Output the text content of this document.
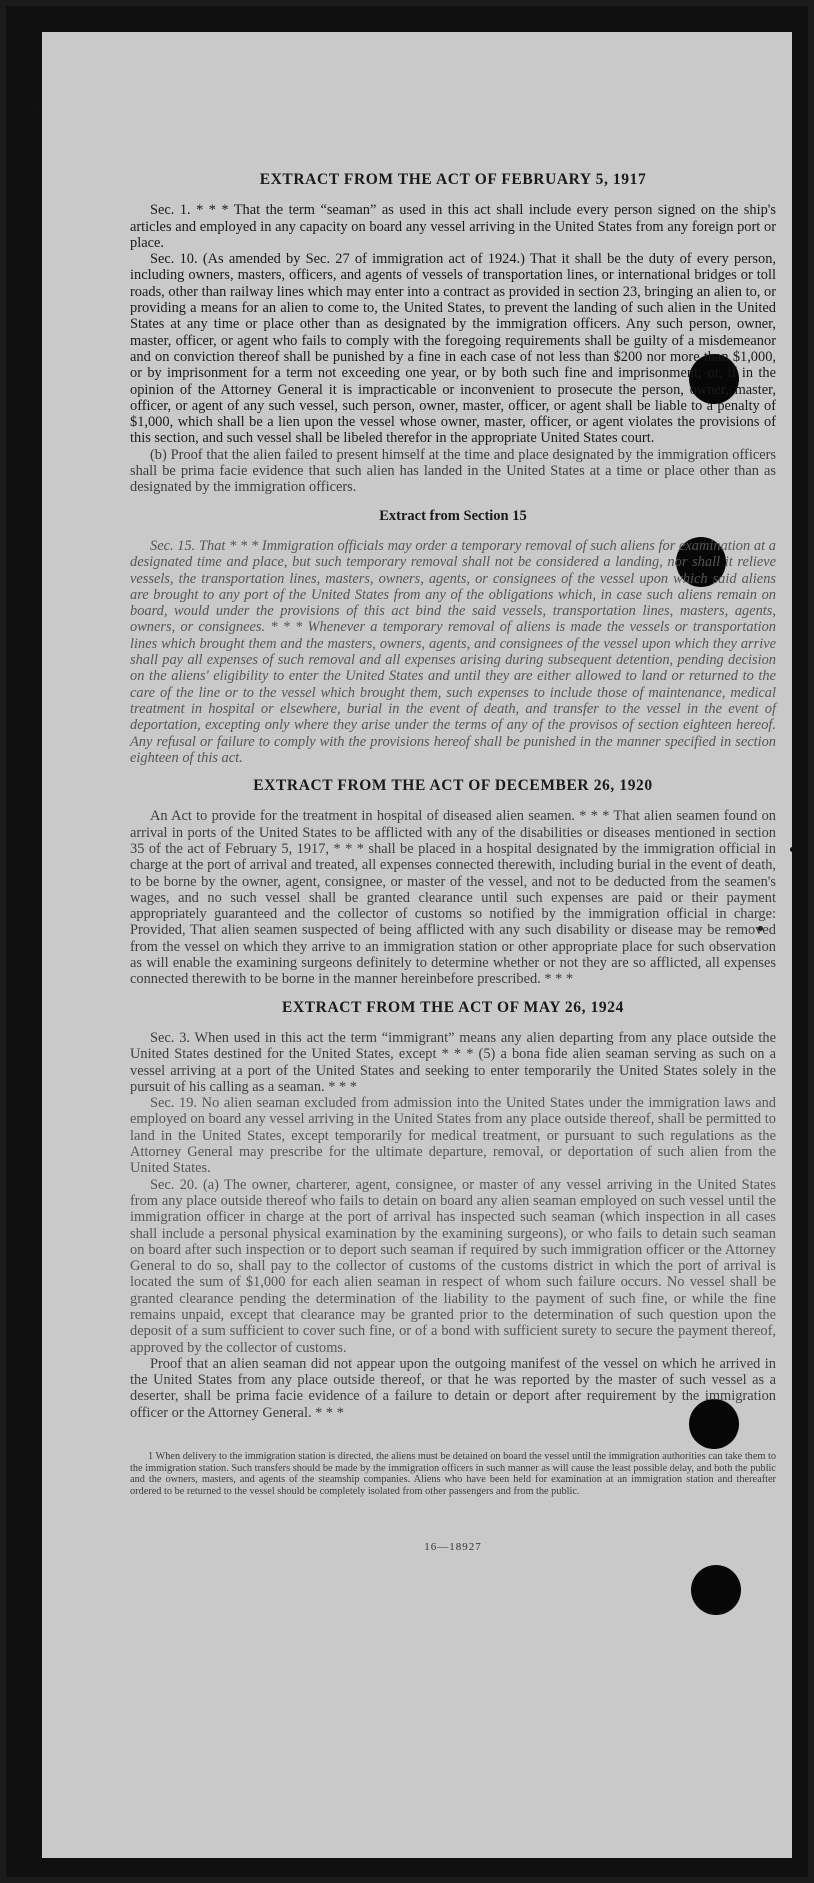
EXTRACT FROM THE ACT OF FEBRUARY 5, 1917

Sec. 1. * * * That the term “seaman” as used in this act shall include every person signed on the ship's articles and employed in any capacity on board any vessel arriving in the United States from any foreign port or place.

Sec. 10. (As amended by Sec. 27 of immigration act of 1924.) That it shall be the duty of every person, including owners, masters, officers, and agents of vessels of transportation lines, or international bridges or toll roads, other than railway lines which may enter into a contract as provided in section 23, bringing an alien to, or providing a means for an alien to come to, the United States, to prevent the landing of such alien in the United States at any time or place other than as designated by the immigration officers. Any such person, owner, master, officer, or agent who fails to comply with the foregoing requirements shall be guilty of a misdemeanor and on conviction thereof shall be punished by a fine in each case of not less than $200 nor more than $1,000, or by imprisonment for a term not exceeding one year, or by both such fine and imprisonment; or, if in the opinion of the Attorney General it is impracticable or inconvenient to prosecute the person, owner, master, officer, or agent of any such vessel, such person, owner, master, officer, or agent shall be liable to a penalty of $1,000, which shall be a lien upon the vessel whose owner, master, officer, or agent violates the provisions of this section, and such vessel shall be libeled therefor in the appropriate United States court.

(b) Proof that the alien failed to present himself at the time and place designated by the immigration officers shall be prima facie evidence that such alien has landed in the United States at a time or place other than as designated by the immigration officers.

Extract from Section 15

Sec. 15. That * * * Immigration officials may order a temporary removal of such aliens for examination at a designated time and place, but such temporary removal shall not be considered a landing, nor shall it relieve vessels, the transportation lines, masters, owners, agents, or consignees of the vessel upon which said aliens are brought to any port of the United States from any of the obligations which, in case such aliens remain on board, would under the provisions of this act bind the said vessels, transportation lines, masters, agents, owners, or consignees. * * * Whenever a temporary removal of aliens is made the vessels or transportation lines which brought them and the masters, owners, agents, and consignees of the vessel upon which they arrive shall pay all expenses of such removal and all expenses arising during subsequent detention, pending decision on the aliens' eligibility to enter the United States and until they are either allowed to land or returned to the care of the line or to the vessel which brought them, such expenses to include those of maintenance, medical treatment in hospital or elsewhere, burial in the event of death, and transfer to the vessel in the event of deportation, excepting only where they arise under the terms of any of the provisos of section eighteen hereof. Any refusal or failure to comply with the provisions hereof shall be punished in the manner specified in section eighteen of this act.

EXTRACT FROM THE ACT OF DECEMBER 26, 1920

An Act to provide for the treatment in hospital of diseased alien seamen. * * * That alien seamen found on arrival in ports of the United States to be afflicted with any of the disabilities or diseases mentioned in section 35 of the act of February 5, 1917, * * * shall be placed in a hospital designated by the immigration official in charge at the port of arrival and treated, all expenses connected therewith, including burial in the event of death, to be borne by the owner, agent, consignee, or master of the vessel, and not to be deducted from the seamen's wages, and no such vessel shall be granted clearance until such expenses are paid or their payment appropriately guaranteed and the collector of customs so notified by the immigration official in charge: Provided, That alien seamen suspected of being afflicted with any such disability or disease may be removed from the vessel on which they arrive to an immigration station or other appropriate place for such observation as will enable the examining surgeons definitely to determine whether or not they are so afflicted, all expenses connected therewith to be borne in the manner hereinbefore prescribed. * * *

EXTRACT FROM THE ACT OF MAY 26, 1924

Sec. 3. When used in this act the term “immigrant” means any alien departing from any place outside the United States destined for the United States, except * * * (5) a bona fide alien seaman serving as such on a vessel arriving at a port of the United States and seeking to enter temporarily the United States solely in the pursuit of his calling as a seaman. * * *

Sec. 19. No alien seaman excluded from admission into the United States under the immigration laws and employed on board any vessel arriving in the United States from any place outside thereof, shall be permitted to land in the United States, except temporarily for medical treatment, or pursuant to such regulations as the Attorney General may prescribe for the ultimate departure, removal, or deportation of such alien from the United States.

Sec. 20. (a) The owner, charterer, agent, consignee, or master of any vessel arriving in the United States from any place outside thereof who fails to detain on board any alien seaman employed on such vessel until the immigration officer in charge at the port of arrival has inspected such seaman (which inspection in all cases shall include a personal physical examination by the examining surgeons), or who fails to detain such seaman on board after such inspection or to deport such seaman if required by such immigration officer or the Attorney General to do so, shall pay to the collector of customs of the customs district in which the port of arrival is located the sum of $1,000 for each alien seaman in respect of whom such failure occurs. No vessel shall be granted clearance pending the determination of the liability to the payment of such fine, or while the fine remains unpaid, except that clearance may be granted prior to the determination of such question upon the deposit of a sum sufficient to cover such fine, or of a bond with sufficient surety to secure the payment thereof, approved by the collector of customs.

Proof that an alien seaman did not appear upon the outgoing manifest of the vessel on which he arrived in the United States from any place outside thereof, or that he was reported by the master of such vessel as a deserter, shall be prima facie evidence of a failure to detain or deport after requirement by the immigration officer or the Attorney General. * * *

1 When delivery to the immigration station is directed, the aliens must be detained on board the vessel until the immigration authorities can take them to the immigration station. Such transfers should be made by the immigration officers in such manner as will cause the least possible delay, and both the public and the owners, masters, and agents of the steamship companies. Aliens who have been held for examination at an immigration station and thereafter ordered to be returned to the vessel should be completely isolated from other passengers and from the public.

16—18927
